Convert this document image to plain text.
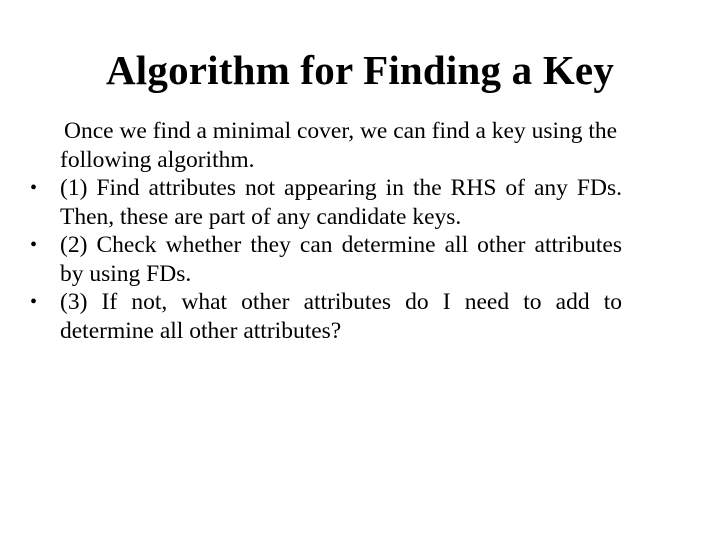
Algorithm for Finding a Key

Once we find a minimal cover, we can find a key using the following algorithm.

• (1) Find attributes not appearing in the RHS of any FDs. Then, these are part of any candidate keys.
• (2) Check whether they can determine all other attributes by using FDs.
• (3) If not, what other attributes do I need to add to determine all other attributes?
